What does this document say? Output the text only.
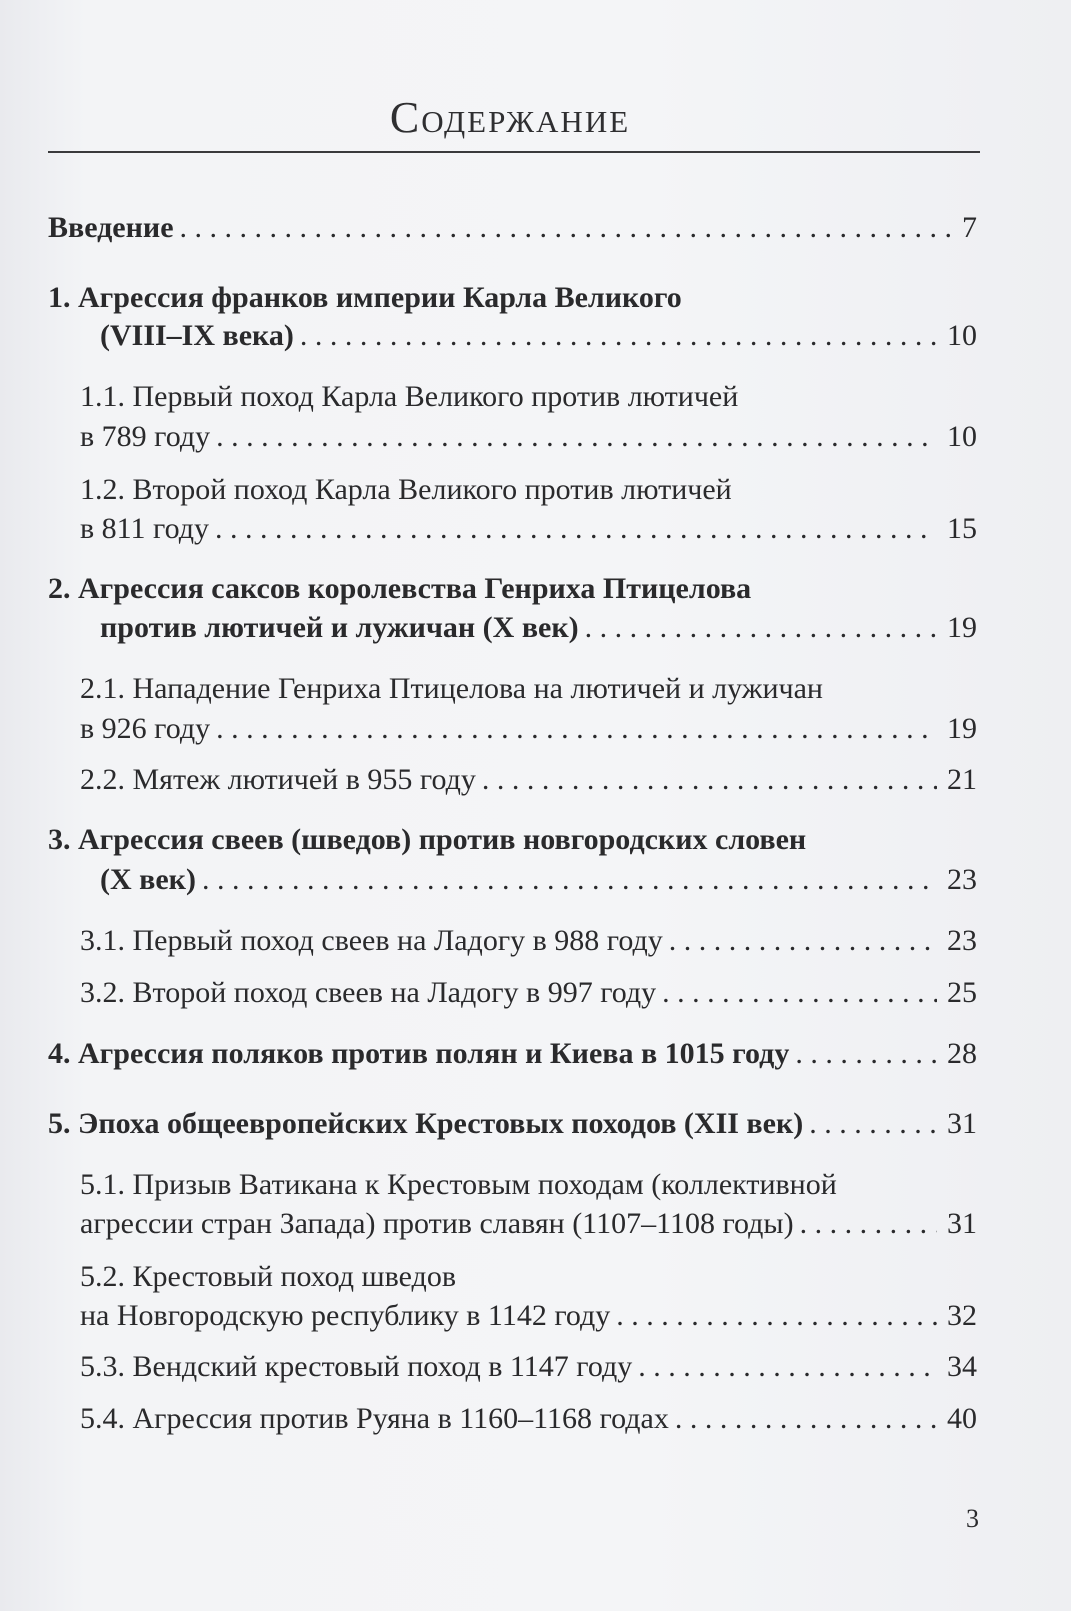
Содержание
Введение . . .	7
1. Агрессия франков империи Карла Великого
(VIII–IX века) . . .	10
1.1. Первый поход Карла Великого против лютичей
в 789 году . . .	10
1.2. Второй поход Карла Великого против лютичей
в 811 году . . .	15
2. Агрессия саксов королевства Генриха Птицелова
против лютичей и лужичан (X век) . . .	19
2.1. Нападение Генриха Птицелова на лютичей и лужичан
в 926 году . . .	19
2.2. Мятеж лютичей в 955 году . . .	21
3. Агрессия свеев (шведов) против новгородских словен
(X век) . . .	23
3.1. Первый поход свеев на Ладогу в 988 году . . .	23
3.2. Второй поход свеев на Ладогу в 997 году . . .	25
4. Агрессия поляков против полян и Киева в 1015 году . . .	28
5. Эпоха общеевропейских Крестовых походов (XII век) . . .	31
5.1. Призыв Ватикана к Крестовым походам (коллективной
агрессии стран Запада) против славян (1107–1108 годы) . . .	31
5.2. Крестовый поход шведов
на Новгородскую республику в 1142 году . . .	32
5.3. Вендский крестовый поход в 1147 году . . .	34
5.4. Агрессия против Руяна в 1160–1168 годах . . .	40
3
